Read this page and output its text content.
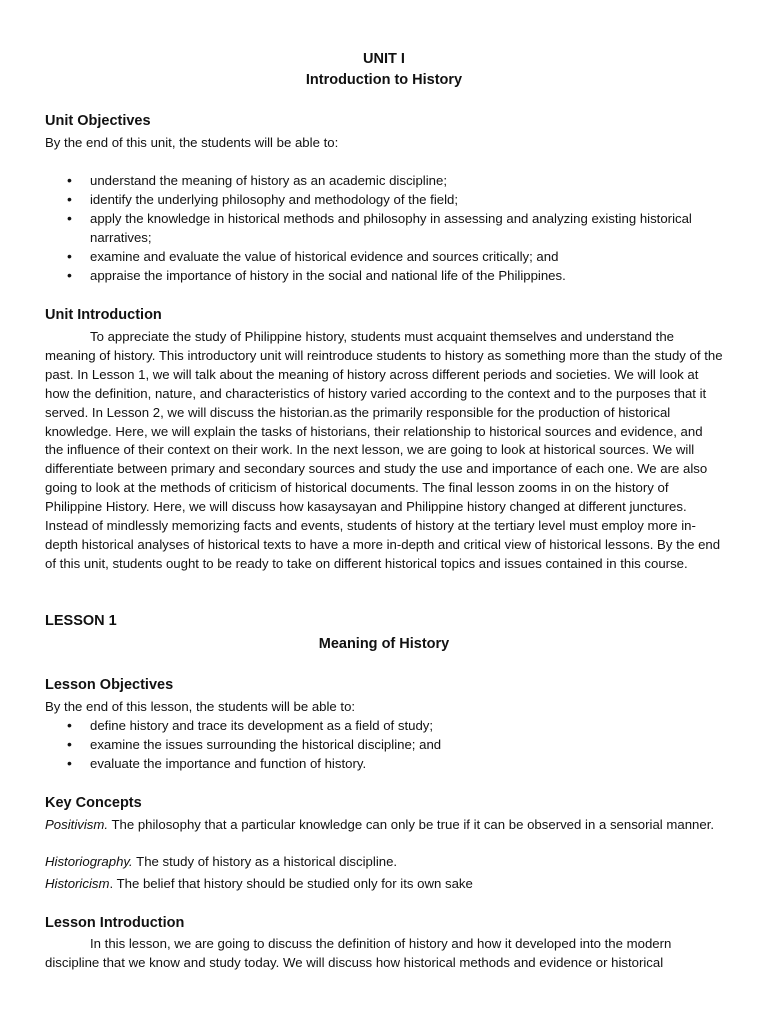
UNIT I
Introduction to History
Unit Objectives
By the end of this unit, the students will be able to:
• understand the meaning of history as an academic discipline;
• identify the underlying philosophy and methodology of the field;
• apply the knowledge in historical methods and philosophy in assessing and analyzing existing historical narratives;
• examine and evaluate the value of historical evidence and sources critically; and
• appraise the importance of history in the social and national life of the Philippines.
Unit Introduction
To appreciate the study of Philippine history, students must acquaint themselves and understand the meaning of history. This introductory unit will reintroduce students to history as something more than the study of the past. In Lesson 1, we will talk about the meaning of history across different periods and societies. We will look at how the definition, nature, and characteristics of history varied according to the context and to the purposes that it served. In Lesson 2, we will discuss the historian.as the primarily responsible for the production of historical knowledge. Here, we will explain the tasks of historians, their relationship to historical sources and evidence, and the influence of their context on their work. In the next lesson, we are going to look at historical sources. We will differentiate between primary and secondary sources and study the use and importance of each one. We are also going to look at the methods of criticism of historical documents. The final lesson zooms in on the history of Philippine History. Here, we will discuss how kasaysayan and Philippine history changed at different junctures. Instead of mindlessly memorizing facts and events, students of history at the tertiary level must employ more in-depth historical analyses of historical texts to have a more in-depth and critical view of historical lessons. By the end of this unit, students ought to be ready to take on different historical topics and issues contained in this course.
LESSON 1
Meaning of History
Lesson Objectives
By the end of this lesson, the students will be able to:
• define history and trace its development as a field of study;
• examine the issues surrounding the historical discipline; and
• evaluate the importance and function of history.
Key Concepts
Positivism. The philosophy that a particular knowledge can only be true if it can be observed in a sensorial manner.
Historiography. The study of history as a historical discipline.
Historicism. The belief that history should be studied only for its own sake
Lesson Introduction
In this lesson, we are going to discuss the definition of history and how it developed into the modern discipline that we know and study today. We will discuss how historical methods and evidence or historical
